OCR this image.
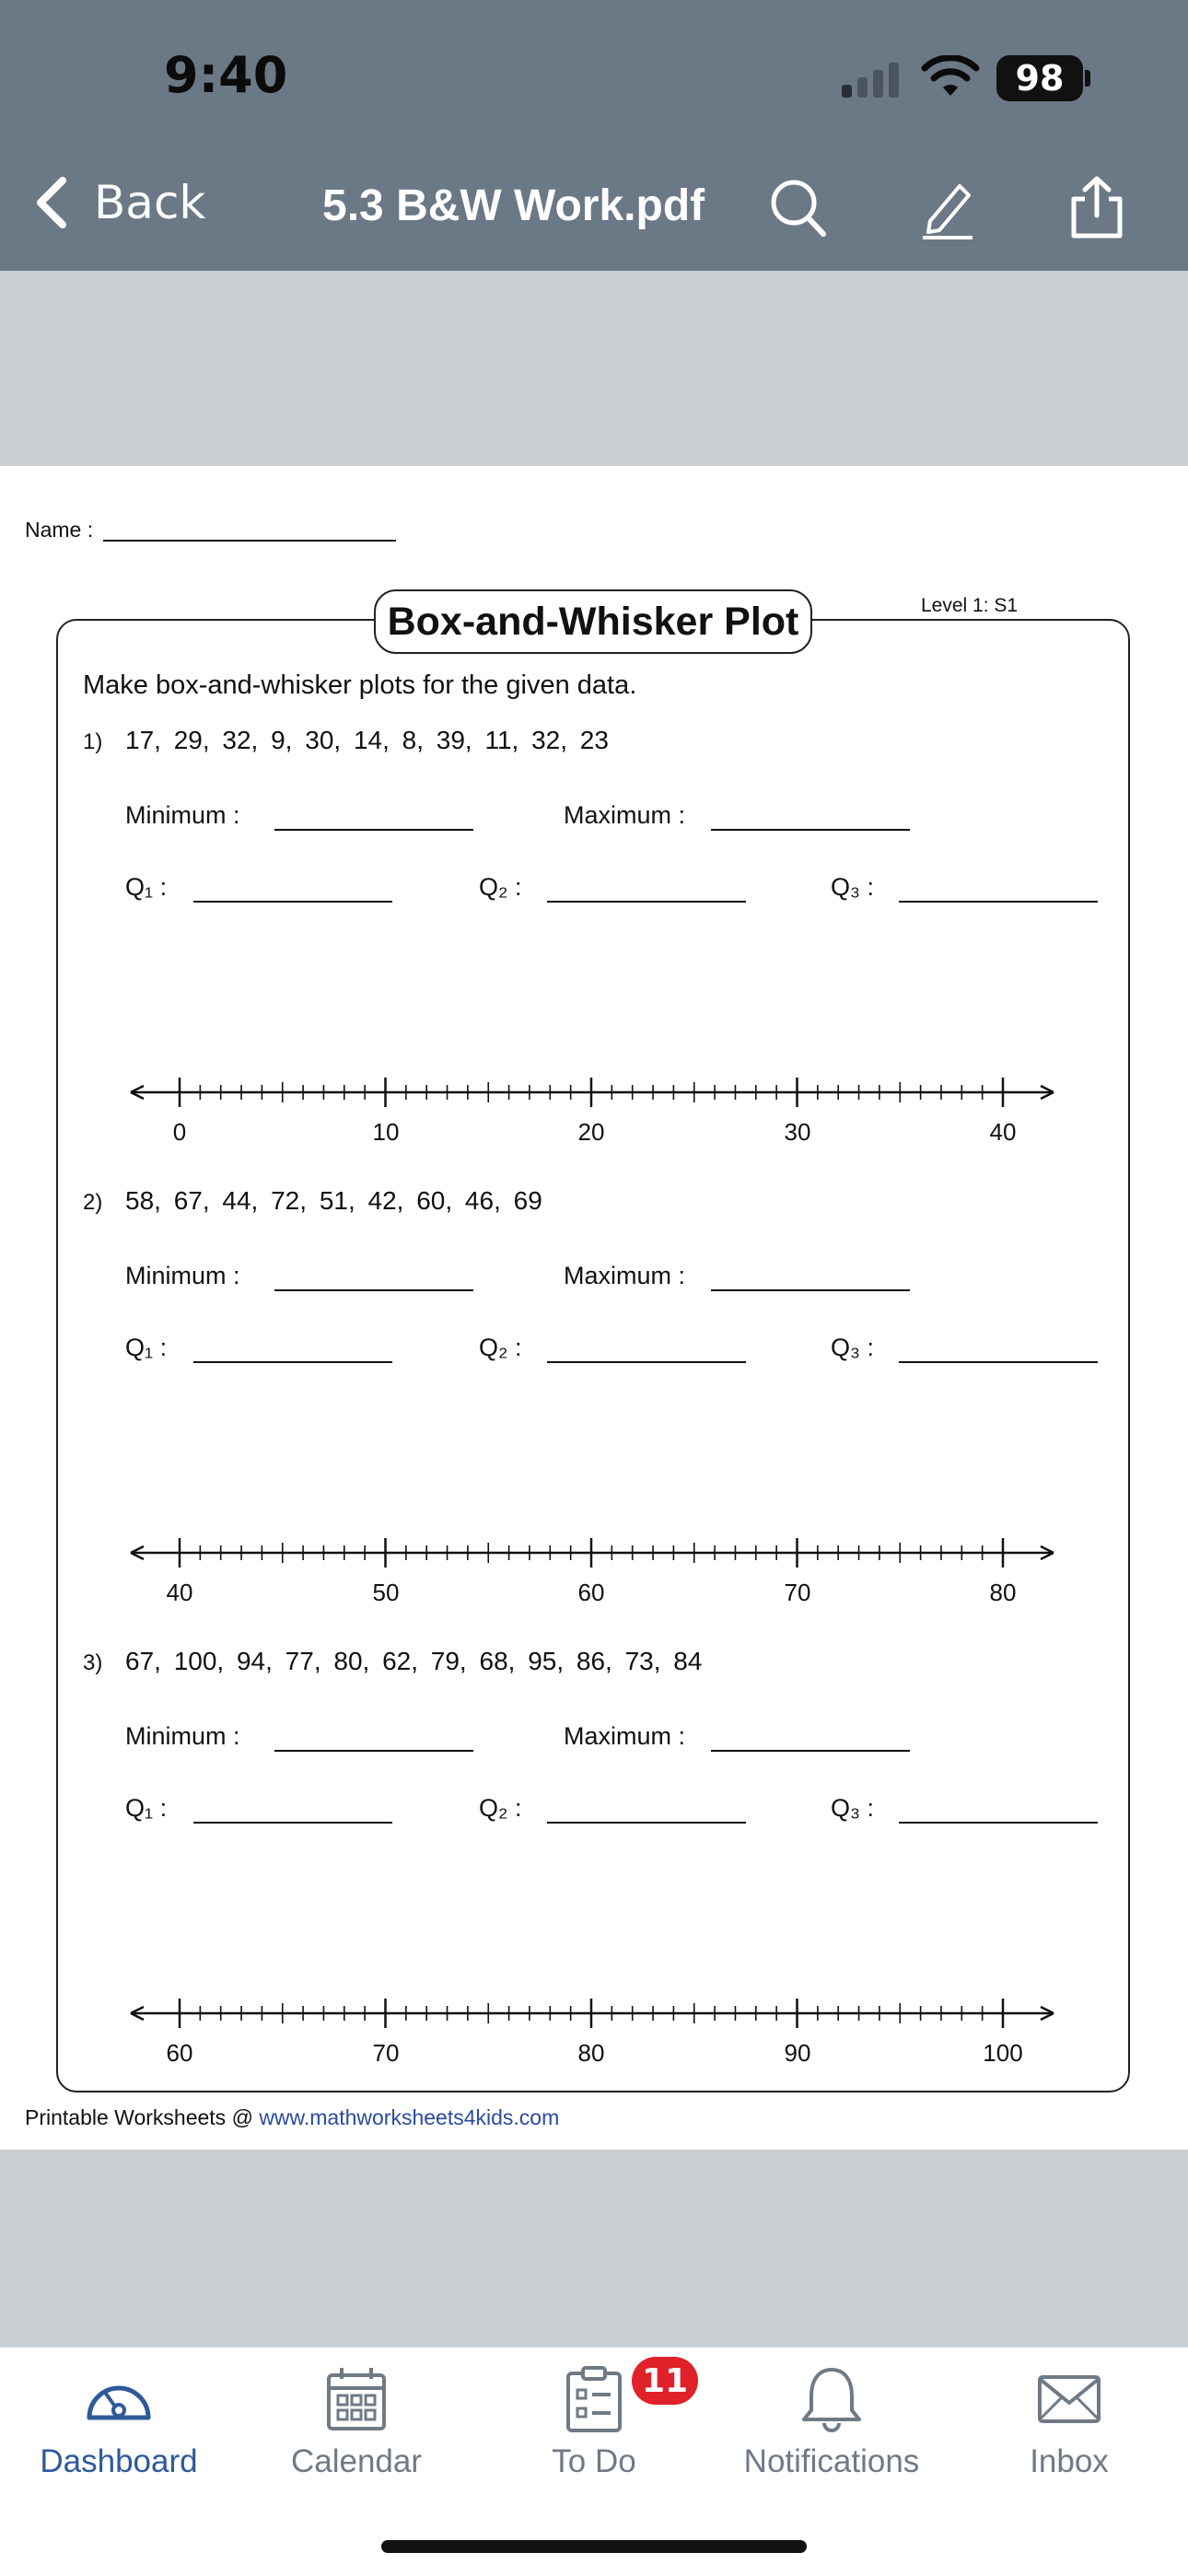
9:40	98
Back	5.3 B&W Work.pdf
Name :
Level 1: S1
Box-and-Whisker Plot
Make box-and-whisker plots for the given data.
1) 17, 29, 32, 9, 30, 14, 8, 39, 11, 32, 23
Minimum :	Maximum :
Q₁ :	Q₂ :	Q₃ :
0	10	20	30	40
2) 58, 67, 44, 72, 51, 42, 60, 46, 69
Minimum :	Maximum :
Q₁ :	Q₂ :	Q₃ :
40	50	60	70	80
3) 67, 100, 94, 77, 80, 62, 79, 68, 95, 86, 73, 84
Minimum :	Maximum :
Q₁ :	Q₂ :	Q₃ :
60	70	80	90	100
Printable Worksheets @ www.mathworksheets4kids.com
Dashboard	Calendar
11
To Do	Notifications	Inbox
